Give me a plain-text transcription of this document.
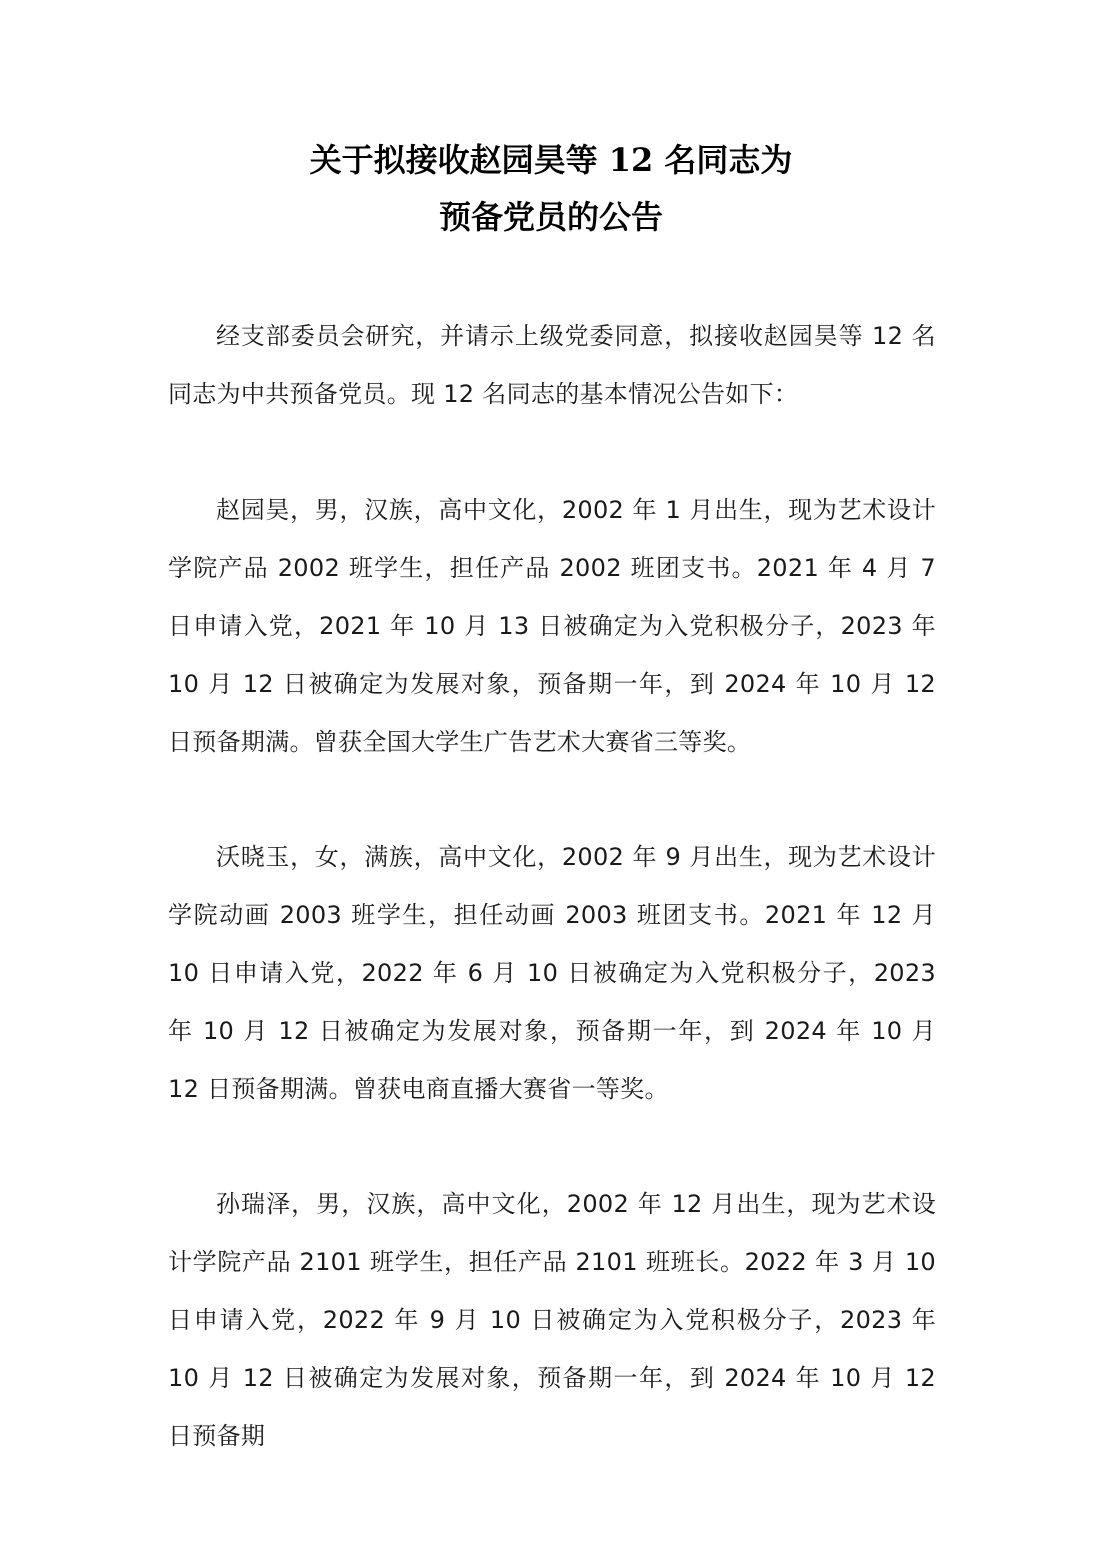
关于拟接收赵园昊等 12 名同志为
预备党员的公告

经支部委员会研究，并请示上级党委同意，拟接收赵园昊等 12 名同志为中共预备党员。现 12 名同志的基本情况公告如下：

赵园昊，男，汉族，高中文化，2002 年 1 月出生，现为艺术设计学院产品 2002 班学生，担任产品 2002 班团支书。2021 年 4 月 7 日申请入党，2021 年 10 月 13 日被确定为入党积极分子，2023 年 10 月 12 日被确定为发展对象，预备期一年，到 2024 年 10 月 12 日预备期满。曾获全国大学生广告艺术大赛省三等奖。

沃晓玉，女，满族，高中文化，2002 年 9 月出生，现为艺术设计学院动画 2003 班学生，担任动画 2003 班团支书。2021 年 12 月 10 日申请入党，2022 年 6 月 10 日被确定为入党积极分子，2023 年 10 月 12 日被确定为发展对象，预备期一年，到 2024 年 10 月 12 日预备期满。曾获电商直播大赛省一等奖。

孙瑞泽，男，汉族，高中文化，2002 年 12 月出生，现为艺术设计学院产品 2101 班学生，担任产品 2101 班班长。2022 年 3 月 10 日申请入党，2022 年 9 月 10 日被确定为入党积极分子，2023 年 10 月 12 日被确定为发展对象，预备期一年，到 2024 年 10 月 12 日预备期
